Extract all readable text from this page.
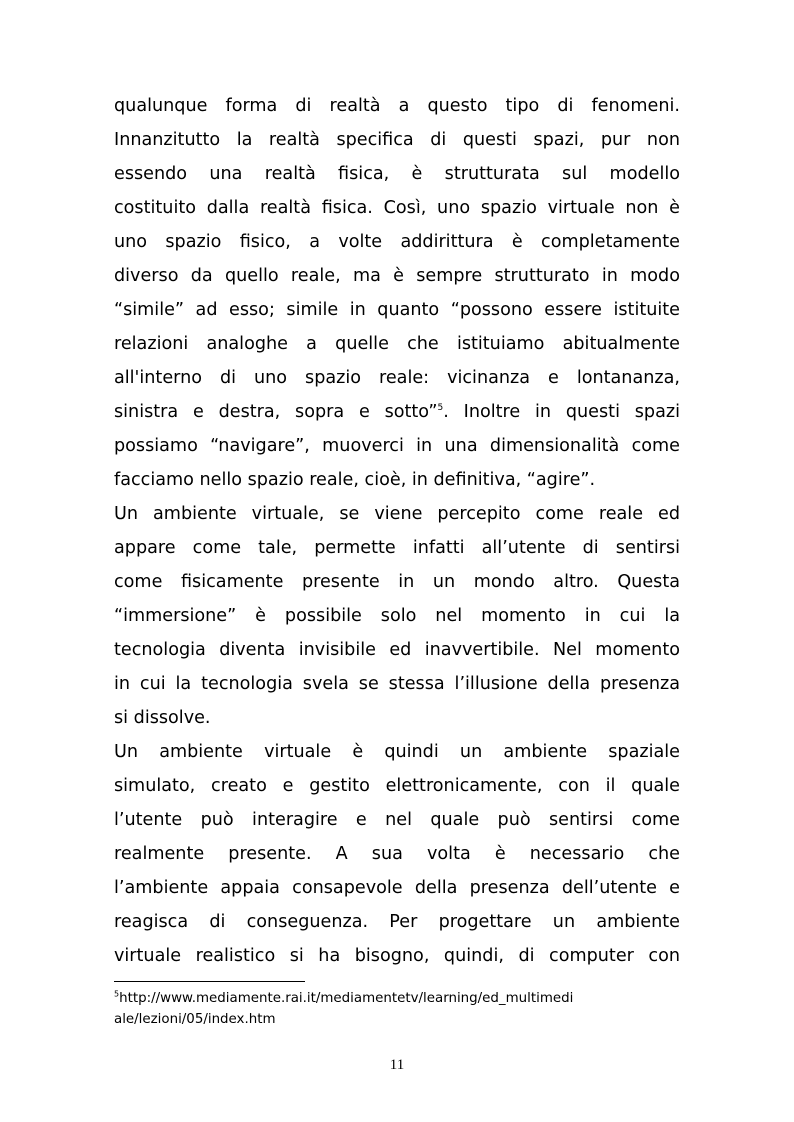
qualunque forma di realtà a questo tipo di fenomeni.
Innanzitutto la realtà specifica di questi spazi, pur non
essendo una realtà fisica, è strutturata sul modello
costituito dalla realtà fisica. Così, uno spazio virtuale non è
uno spazio fisico, a volte addirittura è completamente
diverso da quello reale, ma è sempre strutturato in modo
“simile” ad esso; simile in quanto “possono essere istituite
relazioni analoghe a quelle che istituiamo abitualmente
all'interno di uno spazio reale: vicinanza e lontananza,
sinistra e destra, sopra e sotto”$^5$. Inoltre in questi spazi
possiamo “navigare”, muoverci in una dimensionalità come
facciamo nello spazio reale, cioè, in definitiva, “agire”.
Un ambiente virtuale, se viene percepito come reale ed
appare come tale, permette infatti all’utente di sentirsi
come fisicamente presente in un mondo altro. Questa
“immersione” è possibile solo nel momento in cui la
tecnologia diventa invisibile ed inavvertibile. Nel momento
in cui la tecnologia svela se stessa l’illusione della presenza
si dissolve.
Un ambiente virtuale è quindi un ambiente spaziale
simulato, creato e gestito elettronicamente, con il quale
l’utente può interagire e nel quale può sentirsi come
realmente presente. A sua volta è necessario che
l’ambiente appaia consapevole della presenza dell’utente e
reagisca di conseguenza. Per progettare un ambiente
virtuale realistico si ha bisogno, quindi, di computer con
$^5$http://www.mediamente.rai.it/mediamentetv/learning/ed_multimedi
ale/lezioni/05/index.htm
11
